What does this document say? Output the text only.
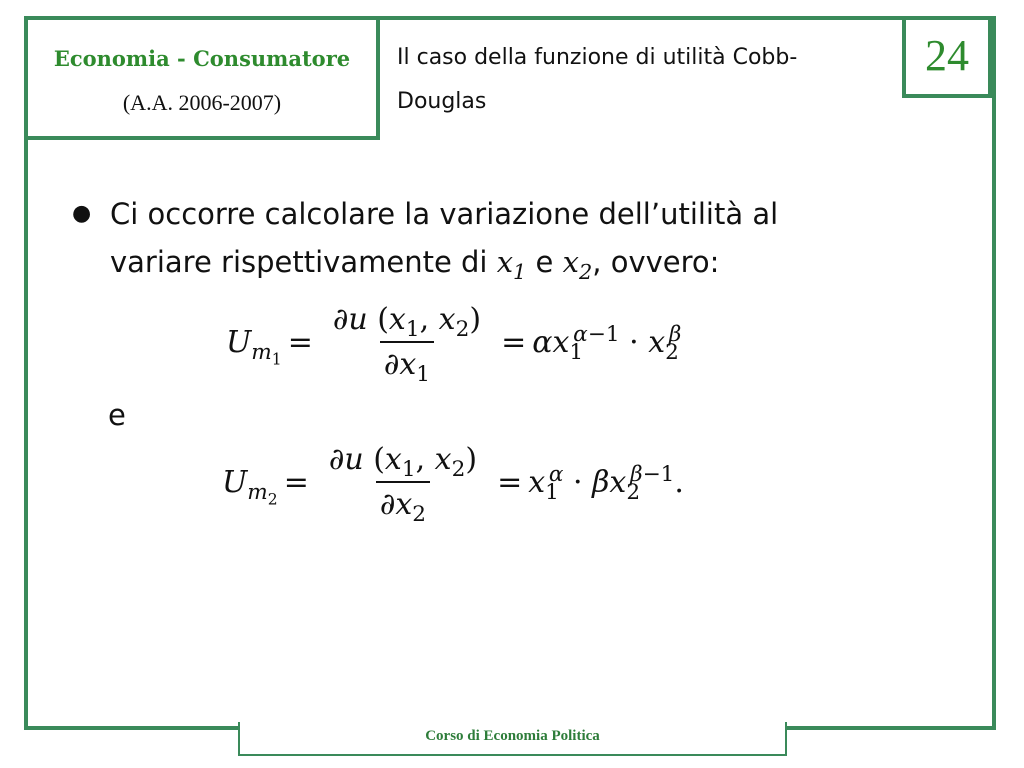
Economia - Consumatore
(A.A. 2006-2007)
Il caso della funzione di utilità Cobb-
Douglas
24
● Ci occorre calcolare la variazione dell’utilità al
variare rispettivamente di $x_1$ e $x_2$, ovvero:
$U_{m_1} = \frac{\partial u (x_1, x_2)}{\partial x_1} = \alpha x_1^{\alpha-1} \cdot x_2^\beta$
e
$U_{m_2} = \frac{\partial u (x_1, x_2)}{\partial x_2} = x_1^\alpha \cdot \beta x_2^{\beta-1}$.
Corso di Economia Politica
